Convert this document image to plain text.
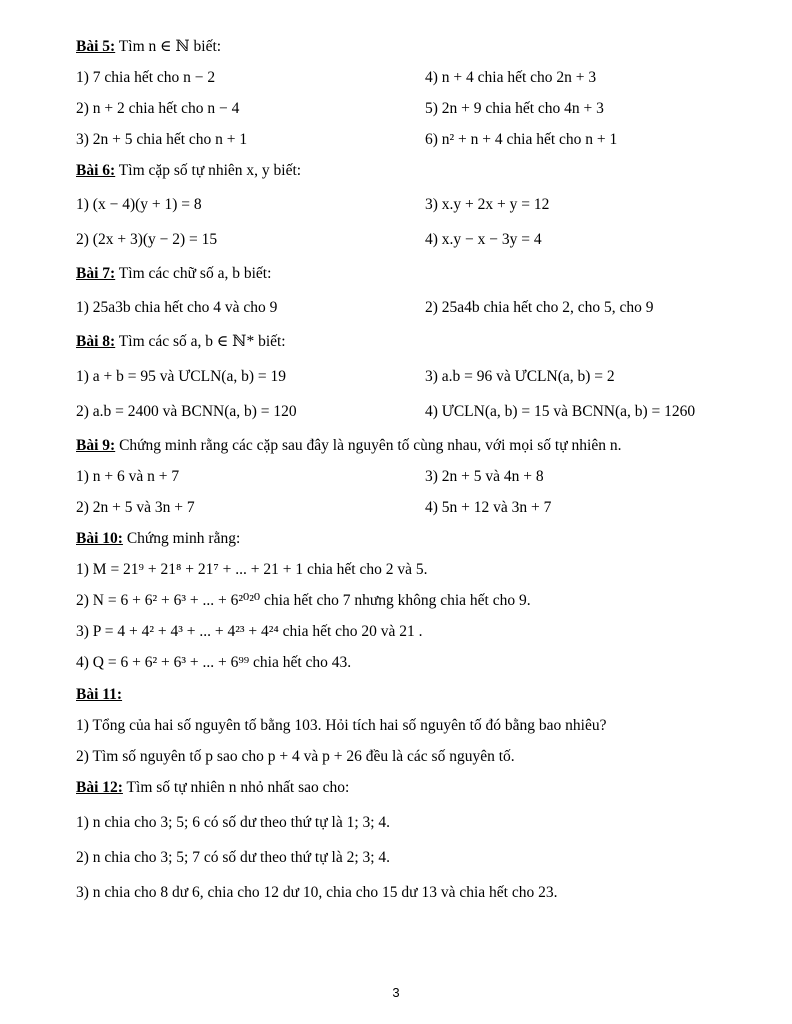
Bài 5: Tìm n ∈ ℕ biết:
1) 7 chia hết cho n − 2	4) n + 4 chia hết cho 2n + 3
2) n + 2 chia hết cho n − 4	5) 2n + 9 chia hết cho 4n + 3
3) 2n + 5 chia hết cho n + 1	6) n² + n + 4 chia hết cho n + 1
Bài 6: Tìm cặp số tự nhiên x, y biết:
1) (x − 4)(y + 1) = 8	3) x.y + 2x + y = 12
2) (2x + 3)(y − 2) = 15	4) x.y − x − 3y = 4
Bài 7: Tìm các chữ số a, b biết:
1) 25a3b chia hết cho 4 và cho 9	2) 25a4b chia hết cho 2, cho 5, cho 9
Bài 8: Tìm các số a, b ∈ ℕ* biết:
1) a + b = 95 và ƯCLN(a, b) = 19	3) a.b = 96 và ƯCLN(a, b) = 2
2) a.b = 2400 và BCNN(a, b) = 120	4) ƯCLN(a, b) = 15 và BCNN(a, b) = 1260
Bài 9: Chứng minh rằng các cặp sau đây là nguyên tố cùng nhau, với mọi số tự nhiên n.
1) n + 6 và n + 7	3) 2n + 5 và 4n + 8
2) 2n + 5 và 3n + 7	4) 5n + 12 và 3n + 7
Bài 10: Chứng minh rằng:
1) M = 21⁹ + 21⁸ + 21⁷ + ... + 21 + 1 chia hết cho 2 và 5.
2) N = 6 + 6² + 6³ + ... + 6²⁰²⁰ chia hết cho 7 nhưng không chia hết cho 9.
3) P = 4 + 4² + 4³ + ... + 4²³ + 4²⁴ chia hết cho 20 và 21 .
4) Q = 6 + 6² + 6³ + ... + 6⁹⁹ chia hết cho 43.
Bài 11:
1) Tổng của hai số nguyên tố bằng 103. Hỏi tích hai số nguyên tố đó bằng bao nhiêu?
2) Tìm số nguyên tố p sao cho p + 4 và p + 26 đều là các số nguyên tố.
Bài 12: Tìm số tự nhiên n nhỏ nhất sao cho:
1) n chia cho 3; 5; 6 có số dư theo thứ tự là 1; 3; 4.
2) n chia cho 3; 5; 7 có số dư theo thứ tự là 2; 3; 4.
3) n chia cho 8 dư 6, chia cho 12 dư 10, chia cho 15 dư 13 và chia hết cho 23.
3
